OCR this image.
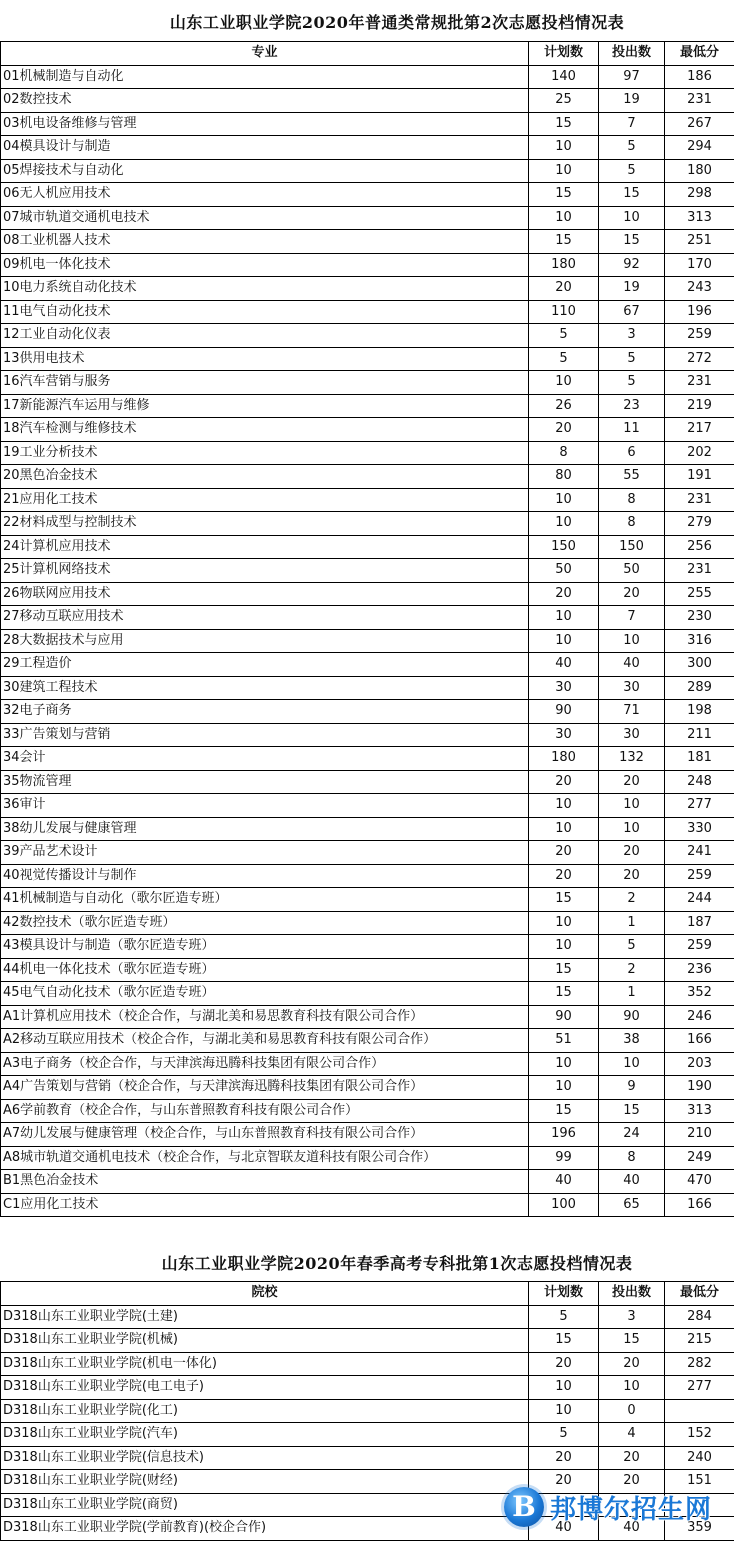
山东工业职业学院2020年普通类常规批第2次志愿投档情况表
专业	计划数	投出数	最低分
01机械制造与自动化	140	97	186
02数控技术	25	19	231
03机电设备维修与管理	15	7	267
04模具设计与制造	10	5	294
05焊接技术与自动化	10	5	180
06无人机应用技术	15	15	298
07城市轨道交通机电技术	10	10	313
08工业机器人技术	15	15	251
09机电一体化技术	180	92	170
10电力系统自动化技术	20	19	243
11电气自动化技术	110	67	196
12工业自动化仪表	5	3	259
13供用电技术	5	5	272
16汽车营销与服务	10	5	231
17新能源汽车运用与维修	26	23	219
18汽车检测与维修技术	20	11	217
19工业分析技术	8	6	202
20黑色冶金技术	80	55	191
21应用化工技术	10	8	231
22材料成型与控制技术	10	8	279
24计算机应用技术	150	150	256
25计算机网络技术	50	50	231
26物联网应用技术	20	20	255
27移动互联应用技术	10	7	230
28大数据技术与应用	10	10	316
29工程造价	40	40	300
30建筑工程技术	30	30	289
32电子商务	90	71	198
33广告策划与营销	30	30	211
34会计	180	132	181
35物流管理	20	20	248
36审计	10	10	277
38幼儿发展与健康管理	10	10	330
39产品艺术设计	20	20	241
40视觉传播设计与制作	20	20	259
41机械制造与自动化（歌尔匠造专班）	15	2	244
42数控技术（歌尔匠造专班）	10	1	187
43模具设计与制造（歌尔匠造专班）	10	5	259
44机电一体化技术（歌尔匠造专班）	15	2	236
45电气自动化技术（歌尔匠造专班）	15	1	352
A1计算机应用技术（校企合作，与湖北美和易思教育科技有限公司合作）	90	90	246
A2移动互联应用技术（校企合作，与湖北美和易思教育科技有限公司合作）	51	38	166
A3电子商务（校企合作，与天津滨海迅腾科技集团有限公司合作）	10	10	203
A4广告策划与营销（校企合作，与天津滨海迅腾科技集团有限公司合作）	10	9	190
A6学前教育（校企合作，与山东普照教育科技有限公司合作）	15	15	313
A7幼儿发展与健康管理（校企合作，与山东普照教育科技有限公司合作）	196	24	210
A8城市轨道交通机电技术（校企合作，与北京智联友道科技有限公司合作）	99	8	249
B1黑色冶金技术	40	40	470
C1应用化工技术	100	65	166
山东工业职业学院2020年春季高考专科批第1次志愿投档情况表
院校	计划数	投出数	最低分
D318山东工业职业学院(土建)	5	3	284
D318山东工业职业学院(机械)	15	15	215
D318山东工业职业学院(机电一体化)	20	20	282
D318山东工业职业学院(电工电子)	10	10	277
D318山东工业职业学院(化工)	10	0	
D318山东工业职业学院(汽车)	5	4	152
D318山东工业职业学院(信息技术)	20	20	240
D318山东工业职业学院(财经)	20	20	151
D318山东工业职业学院(商贸)			
D318山东工业职业学院(学前教育)(校企合作)	40	40	359
B 邦博尔招生网
